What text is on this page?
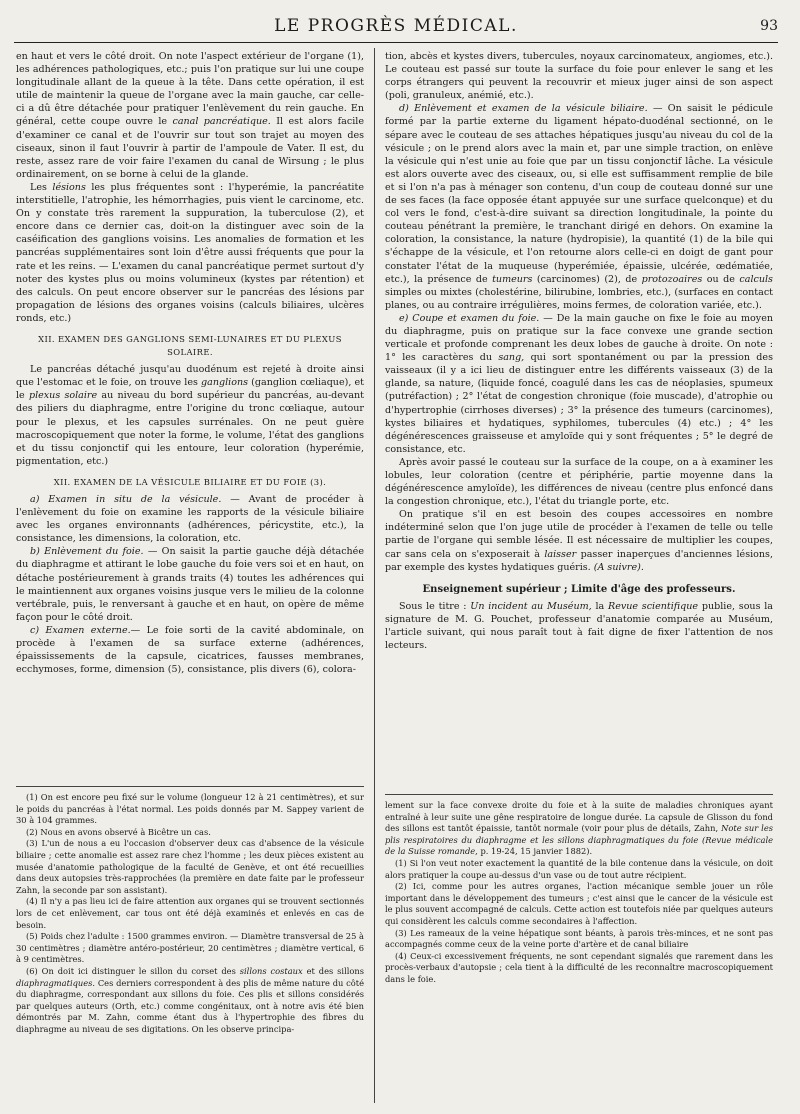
LE PROGRÈS MÉDICAL.	93

en haut et vers le côté droit. On note l'aspect extérieur de l'organe (1), les adhérences pathologiques, etc.; puis l'on pratique sur lui une coupe longitudinale allant de la queue à la tête. Dans cette opération, il est utile de maintenir la queue de l'organe avec la main gauche, car celle-ci a dû être détachée pour pratiquer l'enlèvement du rein gauche. En général, cette coupe ouvre le canal pancréatique. Il est alors facile d'examiner ce canal et de l'ouvrir sur tout son trajet au moyen des ciseaux, sinon il faut l'ouvrir à partir de l'ampoule de Vater. Il est, du reste, assez rare de voir faire l'examen du canal de Wirsung ; le plus ordinairement, on se borne à celui de la glande.

Les lésions les plus fréquentes sont : l'hyperémie, la pancréatite interstitielle, l'atrophie, les hémorrhagies, puis vient le carcinome, etc. On y constate très rarement la suppuration, la tuberculose (2), et encore dans ce dernier cas, doit-on la distinguer avec soin de la caséification des ganglions voisins. Les anomalies de formation et les pancréas supplémentaires sont loin d'être aussi fréquents que pour la rate et les reins. — L'examen du canal pancréatique permet surtout d'y noter des kystes plus ou moins volumineux (kystes par rétention) et des calculs. On peut encore observer sur le pancréas des lésions par propagation de lésions des organes voisins (calculs biliaires, ulcères ronds, etc.)

XII. EXAMEN DES GANGLIONS SEMI-LUNAIRES ET DU PLEXUS
SOLAIRE.

Le pancréas détaché jusqu'au duodénum est rejeté à droite ainsi que l'estomac et le foie, on trouve les ganglions (ganglion cœliaque), et le plexus solaire au niveau du bord supérieur du pancréas, au-devant des piliers du diaphragme, entre l'origine du tronc cœliaque, autour pour le plexus, et les capsules surrénales. On ne peut guère macroscopiquement que noter la forme, le volume, l'état des ganglions et du tissu conjonctif qui les entoure, leur coloration (hyperémie, pigmentation, etc.)

XII. EXAMEN DE LA VÉSICULE BILIAIRE ET DU FOIE (3).

a) Examen in situ de la vésicule. — Avant de procéder à l'enlèvement du foie on examine les rapports de la vésicule biliaire avec les organes environnants (adhérences, péricystite, etc.), la consistance, les dimensions, la coloration, etc.

b) Enlèvement du foie. — On saisit la partie gauche déjà détachée du diaphragme et attirant le lobe gauche du foie vers soi et en haut, on détache postérieurement à grands traits (4) toutes les adhérences qui le maintiennent aux organes voisins jusque vers le milieu de la colonne vertébrale, puis, le renversant à gauche et en haut, on opère de même façon pour le côté droit.

c) Examen externe.— Le foie sorti de la cavité abdominale, on procède à l'examen de sa surface externe (adhérences, épaississements de la capsule, cicatrices, fausses membranes, ecchymoses, forme, dimension (5), consistance, plis divers (6), colora-

tion, abcès et kystes divers, tubercules, noyaux carcinomateux, angiomes, etc.). Le couteau est passé sur toute la surface du foie pour enlever le sang et les corps étrangers qui peuvent la recouvrir et mieux juger ainsi de son aspect (poli, granuleux, anémié, etc.).

d) Enlèvement et examen de la vésicule biliaire. — On saisit le pédicule formé par la partie externe du ligament hépato-duodénal sectionné, on le sépare avec le couteau de ses attaches hépatiques jusqu'au niveau du col de la vésicule ; on le prend alors avec la main et, par une simple traction, on enlève la vésicule qui n'est unie au foie que par un tissu conjonctif lâche. La vésicule est alors ouverte avec des ciseaux, ou, si elle est suffisamment remplie de bile et si l'on n'a pas à ménager son contenu, d'un coup de couteau donné sur une de ses faces (la face opposée étant appuyée sur une surface quelconque) et du col vers le fond, c'est-à-dire suivant sa direction longitudinale, la pointe du couteau pénétrant la première, le tranchant dirigé en dehors. On examine la coloration, la consistance, la nature (hydropisie), la quantité (1) de la bile qui s'échappe de la vésicule, et l'on retourne alors celle-ci en doigt de gant pour constater l'état de la muqueuse (hyperémiée, épaissie, ulcérée, œdématiée, etc.), la présence de tumeurs (carcinomes) (2), de protozoaires ou de calculs simples ou mixtes (cholestérine, bilirubine, lombries, etc.), (surfaces en contact planes, ou au contraire irrégulières, moins fermes, de coloration variée, etc.).

e) Coupe et examen du foie. — De la main gauche on fixe le foie au moyen du diaphragme, puis on pratique sur la face convexe une grande section verticale et profonde comprenant les deux lobes de gauche à droite. On note : 1° les caractères du sang, qui sort spontanément ou par la pression des vaisseaux (il y a ici lieu de distinguer entre les différents vaisseaux (3) de la glande, sa nature, (liquide foncé, coagulé dans les cas de néoplasies, spumeux (putréfaction) ; 2° l'état de congestion chronique (foie muscade), d'atrophie ou d'hypertrophie (cirrhoses diverses) ; 3° la présence des tumeurs (carcinomes), kystes biliaires et hydatiques, syphilomes, tubercules (4) etc.) ; 4° les dégénérescences graisseuse et amyloïde qui y sont fréquentes ; 5° le degré de consistance, etc.

Après avoir passé le couteau sur la surface de la coupe, on a à examiner les lobules, leur coloration (centre et périphérie, partie moyenne dans la dégénérescence amyloïde), les différences de niveau (centre plus enfoncé dans la congestion chronique, etc.), l'état du triangle porte, etc.

On pratique s'il en est besoin des coupes accessoires en nombre indéterminé selon que l'on juge utile de procéder à l'examen de telle ou telle partie de l'organe qui semble lésée. Il est nécessaire de multiplier les coupes, car sans cela on s'exposerait à laisser passer inaperçues d'anciennes lésions, par exemple des kystes hydatiques guéris. (A suivre).

Enseignement supérieur ; Limite d'âge des professeurs.

Sous le titre : Un incident au Muséum, la Revue scientifique publie, sous la signature de M. G. Pouchet, professeur d'anatomie comparée au Muséum, l'article suivant, qui nous paraît tout à fait digne de fixer l'attention de nos lecteurs.

(1) On est encore peu fixé sur le volume (longueur 12 à 21 centimètres), et sur le poids du pancréas à l'état normal. Les poids donnés par M. Sappey varient de 30 à 104 grammes.

(2) Nous en avons observé à Bicêtre un cas.

(3) L'un de nous a eu l'occasion d'observer deux cas d'absence de la vésicule biliaire ; cette anomalie est assez rare chez l'homme ; les deux pièces existent au musée d'anatomie pathologique de la faculté de Genève, et ont été recueillies dans deux autopsies très-rapprochées (la première en date faite par le professeur Zahn, la seconde par son assistant).

(4) Il n'y a pas lieu ici de faire attention aux organes qui se trouvent sectionnés lors de cet enlèvement, car tous ont été déjà examinés et enlevés en cas de besoin.

(5) Poids chez l'adulte : 1500 grammes environ. — Diamètre transversal de 25 à 30 centimètres ; diamètre antéro-postérieur, 20 centimètres ; diamètre vertical, 6 à 9 centimètres.

(6) On doit ici distinguer le sillon du corset des sillons costaux et des sillons diaphragmatiques. Ces derniers correspondent à des plis de même nature du côté du diaphragme, correspondant aux sillons du foie. Ces plis et sillons considérés par quelques auteurs (Orth, etc.) comme congénitaux, ont à notre avis été bien démontrés par M. Zahn, comme étant dus à l'hypertrophie des fibres du diaphragme au niveau de ses digitations. On les observe principa-

lement sur la face convexe droite du foie et à la suite de maladies chroniques ayant entraîné à leur suite une gêne respiratoire de longue durée. La capsule de Glisson du fond des sillons est tantôt épaissie, tantôt normale (voir pour plus de détails, Zahn, Note sur les plis respiratoires du diaphragme et les sillons diaphragmatiques du foie (Revue médicale de la Suisse romande, p. 19-24, 15 janvier 1882).

(1) Si l'on veut noter exactement la quantité de la bile contenue dans la vésicule, on doit alors pratiquer la coupe au-dessus d'un vase ou de tout autre récipient.

(2) Ici, comme pour les autres organes, l'action mécanique semble jouer un rôle important dans le développement des tumeurs ; c'est ainsi que le cancer de la vésicule est le plus souvent accompagné de calculs. Cette action est toutefois niée par quelques auteurs qui considèrent les calculs comme secondaires à l'affection.

(3) Les rameaux de la veine hépatique sont béants, à parois très-minces, et ne sont pas accompagnés comme ceux de la veine porte d'artère et de canal biliaire

(4) Ceux-ci excessivement fréquents, ne sont cependant signalés que rarement dans les procès-verbaux d'autopsie ; cela tient à la difficulté de les reconnaître macroscopiquement dans le foie.
